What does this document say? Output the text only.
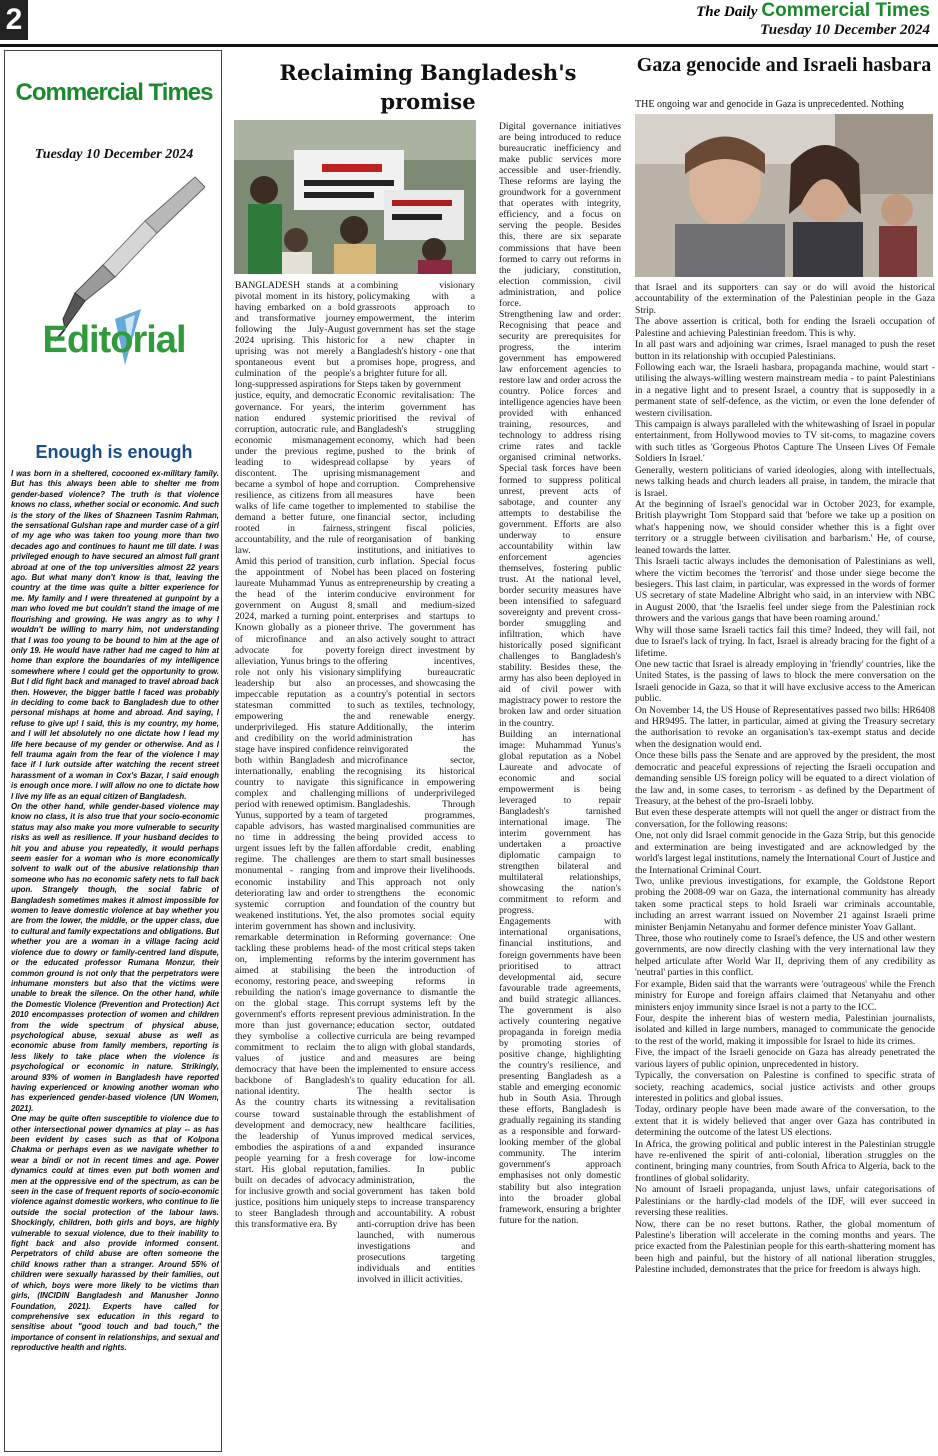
2	The Daily Commercial Times
Tuesday 10 December 2024
Commercial Times
Tuesday 10 December 2024
Editorial
Enough is enough

I was born in a sheltered, cocooned ex-military family. But has this always been able to shelter me from gender-based violence? The truth is that violence knows no class, whether social or economic. And such is the story of the likes of Shazneen Tasnim Rahman, the sensational Gulshan rape and murder case of a girl of my age who was taken too young more than two decades ago and continues to haunt me till date. I was privileged enough to have secured an almost full grant abroad at one of the top universities almost 22 years ago. But what many don't know is that, leaving the country at the time was quite a bitter experience for me. My family and I were threatened at gunpoint by a man who loved me but couldn't stand the image of me flourishing and growing. He was angry as to why I wouldn't be willing to marry him, not understanding that I was too young to be bound to him at the age of only 19. He would have rather had me caged to him at home than explore the boundaries of my intelligence somewhere where I could get the opportunity to grow. But I did fight back and managed to travel abroad back then. However, the bigger battle I faced was probably in deciding to come back to Bangladesh due to other personal mishaps at home and abroad. And saying, I refuse to give up! I said, this is my country, my home, and I will let absolutely no one dictate how I lead my life here because of my gender or otherwise. And as I fell trauma again from the fear of the violence I may face if I lurk outside after watching the recent street harassment of a woman in Cox's Bazar, I said enough is enough once more. I will allow no one to dictate how I live my life as an equal citizen of Bangladesh.

On the other hand, while gender-based violence may know no class, it is also true that your socio-economic status may also make you more vulnerable to security risks as well as resilience. If your husband decides to hit you and abuse you repeatedly, it would perhaps seem easier for a woman who is more economically solvent to walk out of the abusive relationship than someone who has no economic safety nets to fall back upon. Strangely though, the social fabric of Bangladesh sometimes makes it almost impossible for women to leave domestic violence at bay whether you are from the lower, the middle, or the upper class, due to cultural and family expectations and obligations. But whether you are a woman in a village facing acid violence due to dowry or family-centred land dispute, or the educated professor Rumana Monzur, their common ground is not only that the perpetrators were inhumane monsters but also that the victims were unable to break the silence. On the other hand, while the Domestic Violence (Prevention and Protection) Act 2010 encompasses protection of women and children from the wide spectrum of physical abuse, psychological abuse, sexual abuse as well as economic abuse from family members, reporting is less likely to take place when the violence is psychological or economic in nature. Strikingly, around 93% of women in Bangladesh have reported having experienced or knowing another woman who has experienced gender-based violence (UN Women, 2021).

One may be quite often susceptible to violence due to other intersectional power dynamics at play -- as has been evident by cases such as that of Kolpona Chakma or perhaps even as we navigate whether to wear a bindi or not in recent times and age. Power dynamics could at times even put both women and men at the oppressive end of the spectrum, as can be seen in the case of frequent reports of socio-economic violence against domestic workers, who continue to lie outside the social protection of the labour laws. Shockingly, children, both girls and boys, are highly vulnerable to sexual violence, due to their inability to fight back and also provide informed consent. Perpetrators of child abuse are often someone the child knows rather than a stranger. Around 55% of children were sexually harassed by their families, out of which, boys were more likely to be victims than girls, (INCIDIN Bangladesh and Manusher Jonno Foundation, 2021). Experts have called for comprehensive sex education in this regard to sensitise about "good touch and bad touch," the importance of consent in relationships, and sexual and reproductive health and rights.

Reclaiming Bangladesh's promise

BANGLADESH stands at a pivotal moment in its history, having embarked on a bold and transformative journey following the July-August 2024 uprising. This historic uprising was not merely a spontaneous event but a culmination of the people's long-suppressed aspirations for justice, equity, and democratic governance. For years, the nation endured systemic corruption, autocratic rule, and economic mismanagement under the previous regime, leading to widespread discontent. The uprising became a symbol of hope and resilience, as citizens from all walks of life came together to demand a better future, one rooted in fairness, accountability, and the rule of law.

Amid this period of transition, the appointment of Nobel laureate Muhammad Yunus as the head of the interim government on August 8, 2024, marked a turning point. Known globally as a pioneer of microfinance and an advocate for poverty alleviation, Yunus brings to the role not only his visionary leadership but also an impeccable reputation as a statesman committed to empowering the underprivileged. His stature and credibility on the world stage have inspired confidence both within Bangladesh and internationally, enabling the country to navigate this complex and challenging period with renewed optimism.

Yunus, supported by a team of capable advisors, has wasted no time in addressing the urgent issues left by the fallen regime. The challenges are monumental - ranging from economic instability and deteriorating law and order to systemic corruption and weakened institutions. Yet, the interim government has shown remarkable determination in tackling these problems head-on, implementing reforms aimed at stabilising the economy, restoring peace, and rebuilding the nation's image on the global stage. This government's efforts represent more than just governance; they symbolise a collective commitment to reclaim the values of justice and democracy that have been the backbone of Bangladesh's national identity.

As the country charts its course toward sustainable development and democracy, the leadership of Yunus embodies the aspirations of a people yearning for a fresh start. His global reputation, built on decades of advocacy for inclusive growth and social justice, positions him uniquely to steer Bangladesh through this transformative era. By

combining visionary policymaking with a grassroots approach to empowerment, the interim government has set the stage for a new chapter in Bangladesh's history - one that promises hope, progress, and a brighter future for all.

Steps taken by government

Economic revitalisation: The interim government has prioritised the revival of Bangladesh's struggling economy, which had been pushed to the brink of collapse by years of mismanagement and corruption. Comprehensive measures have been implemented to stabilise the financial sector, including stringent fiscal policies, reorganisation of banking institutions, and initiatives to curb inflation. Special focus has been placed on fostering entrepreneurship by creating a conducive environment for small and medium-sized enterprises and startups to thrive. The government has also actively sought to attract foreign direct investment by offering incentives, simplifying bureaucratic processes, and showcasing the country's potential in sectors such as textiles, technology, and renewable energy. Additionally, the interim administration has reinvigorated the microfinance sector, recognising its historical significance in empowering millions of underprivileged Bangladeshis. Through targeted programmes, marginalised communities are being provided access to affordable credit, enabling them to start small businesses and improve their livelihoods. This approach not only strengthens the economic foundation of the country but also promotes social equity and inclusivity.

Reforming governance: One of the most critical steps taken by the interim government has been the introduction of sweeping reforms in governance to dismantle the corrupt systems left by the previous administration. In the education sector, outdated curricula are being revamped to align with global standards, and measures are being implemented to ensure access to quality education for all. The health sector is witnessing a revitalisation through the establishment of new healthcare facilities, improved medical services, and expanded insurance coverage for low-income families. In public administration, the government has taken bold steps to increase transparency and accountability. A robust anti-corruption drive has been launched, with numerous investigations and prosecutions targeting individuals and entities involved in illicit activities.

Digital governance initiatives are being introduced to reduce bureaucratic inefficiency and make public services more accessible and user-friendly. These reforms are laying the groundwork for a government that operates with integrity, efficiency, and a focus on serving the people. Besides this, there are six separate commissions that have been formed to carry out reforms in the judiciary, constitution, election commission, civil administration, and police force.

Strengthening law and order: Recognising that peace and security are prerequisites for progress, the interim government has empowered law enforcement agencies to restore law and order across the country. Police forces and intelligence agencies have been provided with enhanced training, resources, and technology to address rising crime rates and tackle organised criminal networks. Special task forces have been formed to suppress political unrest, prevent acts of sabotage, and counter any attempts to destabilise the government. Efforts are also underway to ensure accountability within law enforcement agencies themselves, fostering public trust. At the national level, border security measures have been intensified to safeguard sovereignty and prevent cross-border smuggling and infiltration, which have historically posed significant challenges to Bangladesh's stability. Besides these, the army has also been deployed in aid of civil power with magistracy power to restore the broken law and order situation in the country.

Building an international image: Muhammad Yunus's global reputation as a Nobel Laureate and advocate of economic and social empowerment is being leveraged to repair Bangladesh's tarnished international image. The interim government has undertaken a proactive diplomatic campaign to strengthen bilateral and multilateral relationships, showcasing the nation's commitment to reform and progress.

Engagements with international organisations, financial institutions, and foreign governments have been prioritised to attract developmental aid, secure favourable trade agreements, and build strategic alliances. The government is also actively countering negative propaganda in foreign media by promoting stories of positive change, highlighting the country's resilience, and presenting Bangladesh as a stable and emerging economic hub in South Asia. Through these efforts, Bangladesh is gradually regaining its standing as a responsible and forward-looking member of the global community. The interim government's approach emphasises not only domestic stability but also integration into the broader global framework, ensuring a brighter future for the nation.

Gaza genocide and Israeli hasbara
THE ongoing war and genocide in Gaza is unprecedented. Nothing

that Israel and its supporters can say or do will avoid the historical accountability of the extermination of the Palestinian people in the Gaza Strip.

The above assertion is critical, both for ending the Israeli occupation of Palestine and achieving Palestinian freedom. This is why.

In all past wars and adjoining war crimes, Israel managed to push the reset button in its relationship with occupied Palestinians.

Following each war, the Israeli hasbara, propaganda machine, would start - utilising the always-willing western mainstream media - to paint Palestinians in a negative light and to present Israel, a country that is supposedly in a permanent state of self-defence, as the victim, or even the lone defender of western civilisation.

This campaign is always paralleled with the whitewashing of Israel in popular entertainment, from Hollywood movies to TV sit-coms, to magazine covers with such titles as 'Gorgeous Photos Capture The Unseen Lives Of Female Soldiers In Israel.'

Generally, western politicians of varied ideologies, along with intellectuals, news talking heads and church leaders all praise, in tandem, the miracle that is Israel.

At the beginning of Israel's genocidal war in October 2023, for example, British playwright Tom Stoppard said that 'before we take up a position on what's happening now, we should consider whether this is a fight over territory or a struggle between civilisation and barbarism.' He, of course, leaned towards the latter.

This Israeli tactic always includes the demonisation of Palestinians as well, where the victim becomes the 'terrorist' and those under siege become the besiegers. This last claim, in particular, was expressed in the words of former US secretary of state Madeline Albright who said, in an interview with NBC in August 2000, that 'the Israelis feel under siege from the Palestinian rock throwers and the various gangs that have been roaming around.'

Why will those same Israeli tactics fail this time? Indeed, they will fail, not due to Israel's lack of trying. In fact, Israel is already bracing for the fight of a lifetime.

One new tactic that Israel is already employing in 'friendly' countries, like the United States, is the passing of laws to block the mere conversation on the Israeli genocide in Gaza, so that it will have exclusive access to the American public.

On November 14, the US House of Representatives passed two bills: HR6408 and HR9495. The latter, in particular, aimed at giving the Treasury secretary the authorisation to revoke an organisation's tax-exempt status and decide when the designation would end.

Once these bills pass the Senate and are approved by the president, the most democratic and peaceful expressions of rejecting the Israeli occupation and demanding sensible US foreign policy will be equated to a direct violation of the law and, in some cases, to terrorism - as defined by the Department of Treasury, at the behest of the pro-Israeli lobby.

But even these desperate attempts will not quell the anger or distract from the conversation, for the following reasons:

One, not only did Israel commit genocide in the Gaza Strip, but this genocide and extermination are being investigated and are acknowledged by the world's largest legal institutions, namely the International Court of Justice and the International Criminal Court.

Two, unlike previous investigations, for example, the Goldstone Report probing the 2008-09 war on Gaza, the international community has already taken some practical steps to hold Israeli war criminals accountable, including an arrest warrant issued on November 21 against Israeli prime minister Benjamin Netanyahu and former defence minister Yoav Gallant.

Three, those who routinely come to Israel's defence, the US and other western governments, are now directly clashing with the very international law they helped articulate after World War II, depriving them of any credibility as 'neutral' parties in this conflict.

For example, Biden said that the warrants were 'outrageous' while the French ministry for Europe and foreign affairs claimed that Netanyahu and other ministers enjoy immunity since Israel is not a party to the ICC.

Four, despite the inherent bias of western media, Palestinian journalists, isolated and killed in large numbers, managed to communicate the genocide to the rest of the world, making it impossible for Israel to hide its crimes.

Five, the impact of the Israeli genocide on Gaza has already penetrated the various layers of public opinion, unprecedented in history.

Typically, the conversation on Palestine is confined to specific strata of society, reaching academics, social justice activists and other groups interested in politics and global issues.

Today, ordinary people have been made aware of the conversation, to the extent that it is widely believed that anger over Gaza has contributed in determining the outcome of the latest US elections.

In Africa, the growing political and public interest in the Palestinian struggle have re-enlivened the spirit of anti-colonial, liberation struggles on the continent, bringing many countries, from South Africa to Algeria, back to the frontlines of global solidarity.

No amount of Israeli propaganda, unjust laws, unfair categorisations of Palestinians or the hardly-clad models of the IDF, will ever succeed in reversing these realities.

Now, there can be no reset buttons. Rather, the global momentum of Palestine's liberation will accelerate in the coming months and years. The price exacted from the Palestinian people for this earth-shattering moment has been high and painful, but the history of all national liberation struggles, Palestine included, demonstrates that the price for freedom is always high.
